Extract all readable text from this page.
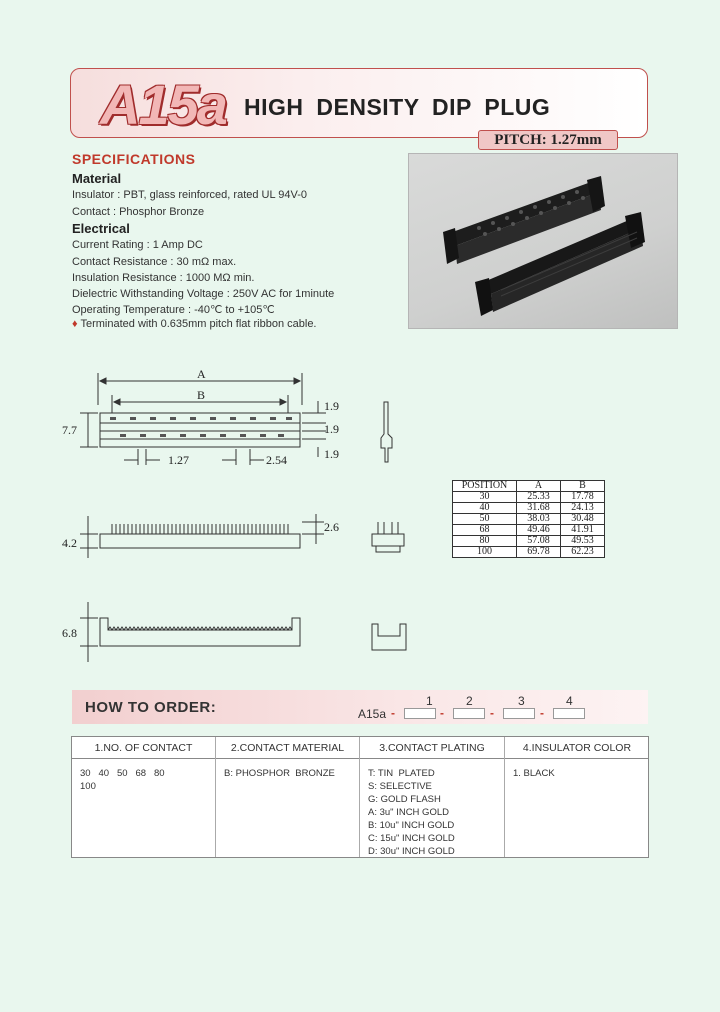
A15a HIGH DENSITY DIP PLUG
PITCH: 1.27mm
SPECIFICATIONS
Material
Insulator : PBT, glass reinforced, rated UL 94V-0
Contact : Phosphor Bronze
Electrical
Current Rating : 1 Amp DC
Contact Resistance : 30 mΩ max.
Insulation Resistance : 1000 MΩ min.
Dielectric Withstanding Voltage : 250V AC for 1minute
Operating Temperature : -40℃ to +105℃
♦ Terminated with 0.635mm pitch flat ribbon cable.
A
B
7.7
1.9
1.9
1.9
1.27	2.54
4.2
2.6
6.8
POSITION	A	B
30	25.33	17.78
40	31.68	24.13
50	38.03	30.48
68	49.46	41.91
80	57.08	49.53
100	69.78	62.23
HOW TO ORDER:	A15a -
1
-
2
-
3
-
4
1.NO. OF CONTACT
30   40   50   68   80
100
2.CONTACT MATERIAL
B: PHOSPHOR  BRONZE
3.CONTACT PLATING
T: TIN  PLATED
S: SELECTIVE
G: GOLD FLASH
A: 3u" INCH GOLD
B: 10u" INCH GOLD
C: 15u" INCH GOLD
D: 30u" INCH GOLD
4.INSULATOR COLOR
1. BLACK
